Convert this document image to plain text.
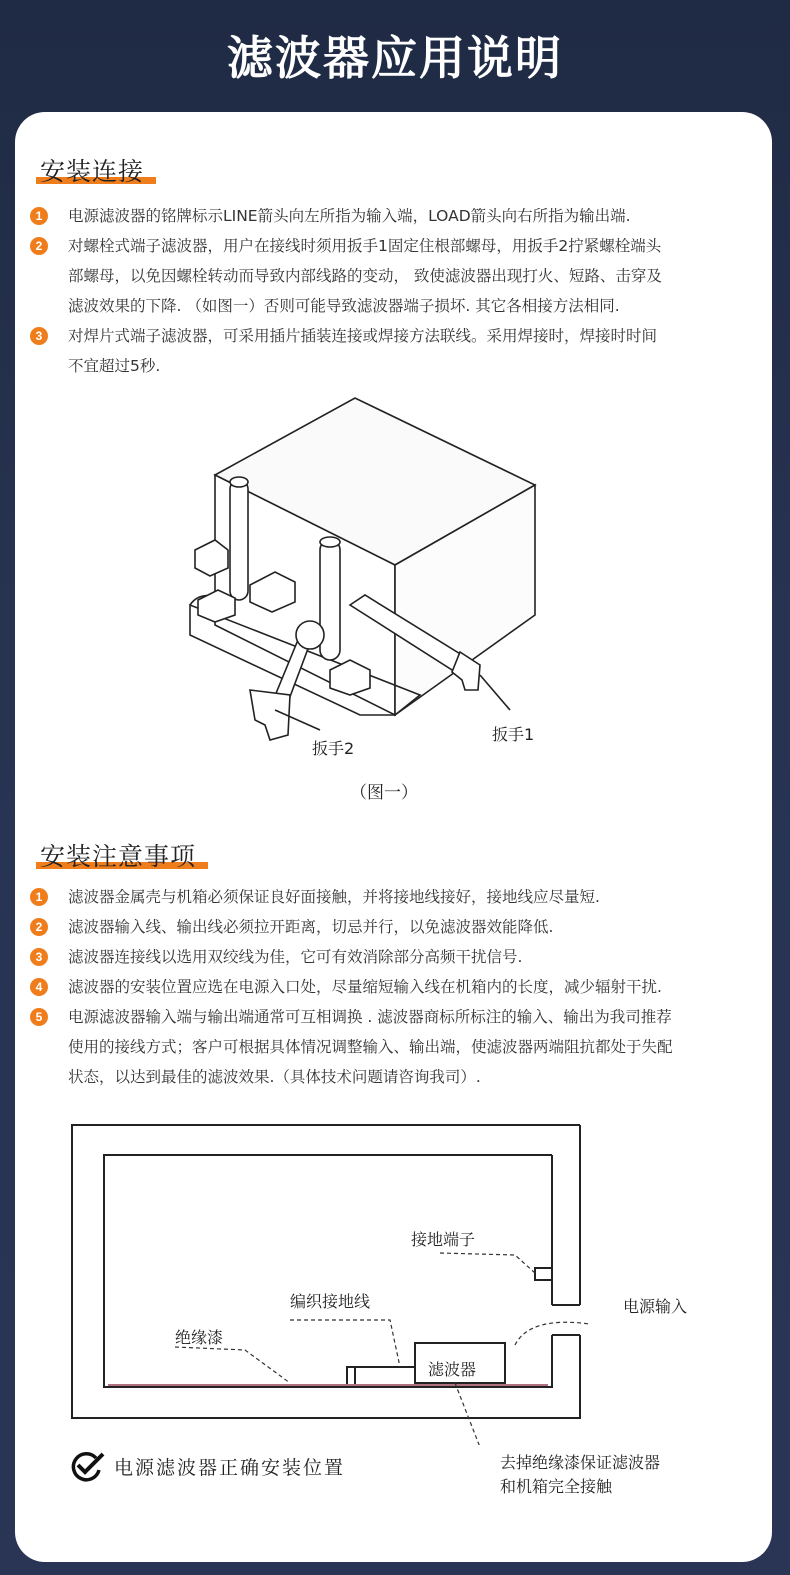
滤波器应用说明
安装连接
1	电源滤波器的铭牌标示LINE箭头向左所指为输入端，LOAD箭头向右所指为输出端.
2	对螺栓式端子滤波器，用户在接线时须用扳手1固定住根部螺母，用扳手2拧紧螺栓端头
部螺母，以免因螺栓转动而导致内部线路的变动， 致使滤波器出现打火、短路、击穿及
滤波效果的下降. （如图一）否则可能导致滤波器端子损坏. 其它各相接方法相同.
3	对焊片式端子滤波器，可采用插片插装连接或焊接方法联线。采用焊接时，焊接时时间
不宜超过5秒.
扳手2
扳手1
（图一）
安装注意事项
1	滤波器金属壳与机箱必须保证良好面接触，并将接地线接好，接地线应尽量短.
2	滤波器输入线、输出线必须拉开距离，切忌并行，以免滤波器效能降低.
3	滤波器连接线以选用双绞线为佳，它可有效消除部分高频干扰信号.
4	滤波器的安装位置应选在电源入口处，尽量缩短输入线在机箱内的长度，减少辐射干扰.
5	电源滤波器输入端与输出端通常可互相调换 . 滤波器商标所标注的输入、输出为我司推荐
使用的接线方式；客户可根据具体情况调整输入、输出端，使滤波器两端阻抗都处于失配
状态，以达到最佳的滤波效果.（具体技术问题请咨询我司）.
接地端子
编织接地线	电源输入
绝缘漆
滤波器
去掉绝缘漆保证滤波器
和机箱完全接触
电源滤波器正确安装位置
